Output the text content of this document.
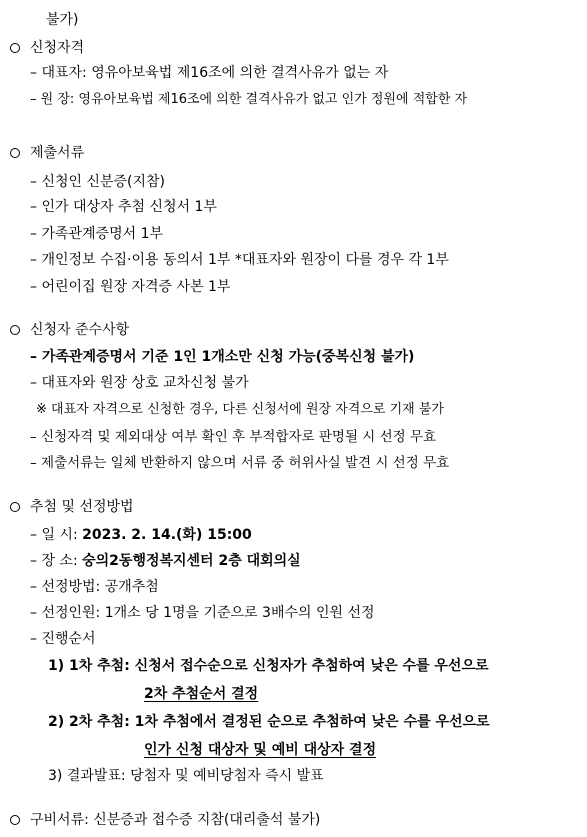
불가)
신청자격
– 대표자: 영유아보육법 제16조에 의한 결격사유가 없는 자
– 원 장: 영유아보육법 제16조에 의한 결격사유가 없고 인가 정원에 적합한 자
제출서류
– 신청인 신분증(지참)
– 인가 대상자 추첨 신청서 1부
– 가족관계증명서 1부
– 개인정보 수집·이용 동의서 1부 *대표자와 원장이 다를 경우 각 1부
– 어린이집 원장 자격증 사본 1부
신청자 준수사항
– 가족관계증명서 기준 1인 1개소만 신청 가능(중복신청 불가)
– 대표자와 원장 상호 교차신청 불가
※ 대표자 자격으로 신청한 경우, 다른 신청서에 원장 자격으로 기재 불가
– 신청자격 및 제외대상 여부 확인 후 부적합자로 판명될 시 선정 무효
– 제출서류는 일체 반환하지 않으며 서류 중 허위사실 발견 시 선정 무효
추첨 및 선정방법
– 일 시: 2023. 2. 14.(화) 15:00
– 장 소: 숭의2동행정복지센터 2층 대회의실
– 선정방법: 공개추첨
– 선정인원: 1개소 당 1명을 기준으로 3배수의 인원 선정
– 진행순서
1) 1차 추첨: 신청서 접수순으로 신청자가 추첨하여 낮은 수를 우선으로
2차 추첨순서 결정
2) 2차 추첨: 1차 추첨에서 결정된 순으로 추첨하여 낮은 수를 우선으로
인가 신청 대상자 및 예비 대상자 결정
3) 결과발표: 당첨자 및 예비당첨자 즉시 발표
구비서류: 신분증과 접수증 지참(대리출석 불가)
